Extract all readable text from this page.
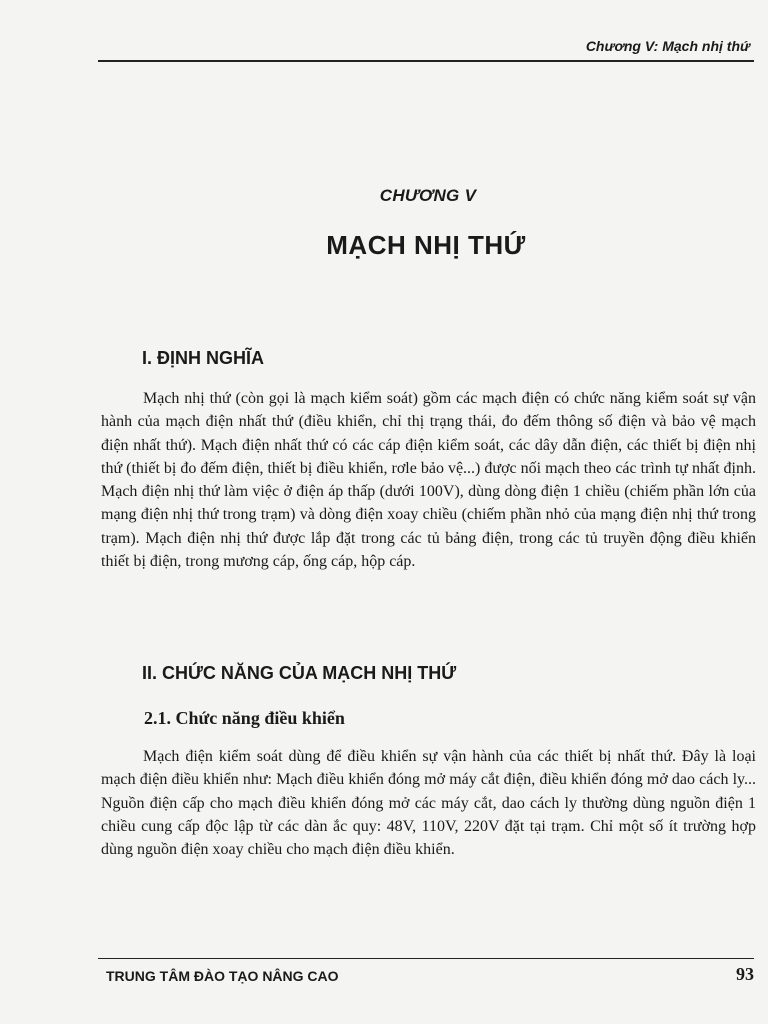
Chương V: Mạch nhị thứ
CHƯƠNG V
MẠCH NHỊ THỨ
I. ĐỊNH NGHĨA

Mạch nhị thứ (còn gọi là mạch kiểm soát) gồm các mạch điện có chức năng kiểm soát sự vận hành của mạch điện nhất thứ (điều khiển, chỉ thị trạng thái, đo đếm thông số điện và bảo vệ mạch điện nhất thứ). Mạch điện nhất thứ có các cáp điện kiểm soát, các dây dẫn điện, các thiết bị điện nhị thứ (thiết bị đo đếm điện, thiết bị điều khiển, rơle bảo vệ...) được nối mạch theo các trình tự nhất định. Mạch điện nhị thứ làm việc ở điện áp thấp (dưới 100V), dùng dòng điện 1 chiều (chiếm phần lớn của mạng điện nhị thứ trong trạm) và dòng điện xoay chiều (chiếm phần nhỏ của mạng điện nhị thứ trong trạm). Mạch điện nhị thứ được lắp đặt trong các tủ bảng điện, trong các tủ truyền động điều khiển thiết bị điện, trong mương cáp, ống cáp, hộp cáp.

II. CHỨC NĂNG CỦA MẠCH NHỊ THỨ
2.1. Chức năng điều khiển

Mạch điện kiểm soát dùng để điều khiển sự vận hành của các thiết bị nhất thứ. Đây là loại mạch điện điều khiển như: Mạch điều khiển đóng mở máy cắt điện, điều khiển đóng mở dao cách ly... Nguồn điện cấp cho mạch điều khiển đóng mở các máy cắt, dao cách ly thường dùng nguồn điện 1 chiều cung cấp độc lập từ các dàn ắc quy: 48V, 110V, 220V đặt tại trạm. Chỉ một số ít trường hợp dùng nguồn điện xoay chiều cho mạch điện điều khiển.

TRUNG TÂM ĐÀO TẠO NÂNG CAO	93
